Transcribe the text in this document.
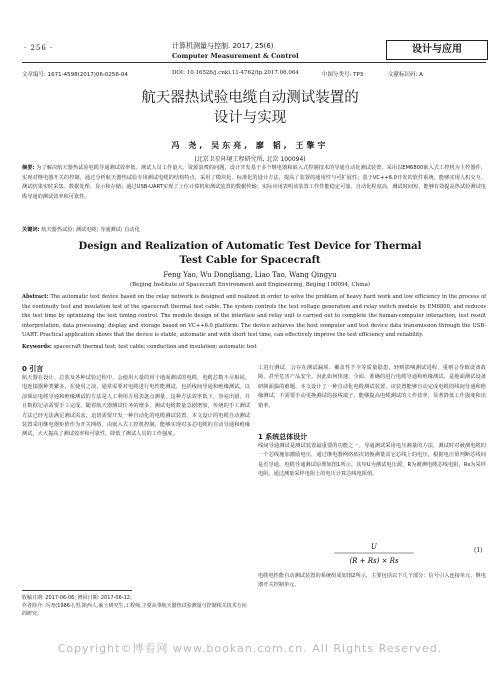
· 256 ·	计算机测量与控制. 2017, 25(6)
Computer Measurement & Control
设计与应用
文章编号: 1671-4598(2017)06-0256-04	DOI: 10.16526/j.cnki.11-4762/tp.2017.06.064	中图分类号: TP3	文献标识码: A
航天器热试验电缆自动测试装置的
设计与实现
冯 尧, 吴东亮, 廖 韬, 王擎宇
(北京卫星环境工程研究所, 北京 100094)
摘要: 为了解决航天器热试验电缆导通测试效率低、测试人员工作量大、资源浪费的问题，设计开发基于多个继电器和嵌入式控制技术的导通自动化测试装置，采用以EM6800嵌入式工控机为主控器件，实现对继电器开关的控制，通过分析航天器热试验专用测试电缆的结构特点，采用了模块化、标准化的设计方法，提高了装置的通用性与可扩展性；基于VC++6.0开发的软件系统，能够实现人机交互、测试结果实时采集、数据处理、显示和存储；通过USB-UART实现了上位计算机和测试装置的数据传输；实际应用表明该装置工作性能稳定可靠，自动化程度高，测试时间短，能够有效提高热试验测试电缆导通的测试效率和可靠性。
关键词: 航天器热试验; 测试电缆; 导通测试; 自动化
Design and Realization of Automatic Test Device for Thermal
Test Cable for Spacecraft
Feng Yao, Wu Dongliang, Liao Tao, Wang Qingyu
(Beijing Institute of Spacecraft Environment and Engineering, Beijing 100094, China)
Abstract: The automatic test device based on the relay network is designed and realized in order to solve the problem of heavy hard work and low efficiency in the process of the continuity test and insulation test of the spacecraft thermal test cable. The system controls the test voltage generation and relay switch module by EM6800, and reduces the test time by optimizing the test timing control. The module design of the interface and relay unit is carried out to complete the human-computer interaction, test result interpretation, data processing, display and storage based on VC++6.0 platform. The device achieves the host computer and test device data transmission through the USB-UART. Practical application shows that the device is stable, automatic and with short test time, can effectively improve the test efficiency and reliability.
Keywords: spacecraft thermal test; test cable; conduction and insulation; automatic test
0 引言
航天器在设计、总装及各种试验过程中，会使用大量的用于地面测试的电缆，电缆芯数不尽相同，电连接器种类繁多，在使用之前，通常需要对电缆进行电性能测试，包括线间导通和绝缘测试。以前保证电缆导通和绝缘测试的方法是人工利用万用表逐点测量，这种方法效率低下，容易出错，并且数据记录需要手工完成。随着航天器测试任务的增多，测试电缆数量急剧增加，传统的手工测试方法已经无法满足测试需求，迫切需要开发一种自动化的电缆测试装置。本文设计的电缆自动测试装置采用继电器矩阵作为开关网络，由嵌入式工控机控制，能够实现对多芯电缆的自动导通和绝缘测试，大大提高了测试效率和可靠性，降低了测试人员的工作强度。
工进行测试，会存在测试漏项、覆盖性不全等质量隐患，轻则影响测试进程，重则会导致设备故障，甚至危害产品安全。因此如何快速、全面、准确的进行电缆导通和绝缘测试，是地面测试设备研制面临的难题。本文设计了一种自动化电缆测试装置，该装置能够自动完成电缆的线间导通和绝缘测试，不需要手动更换测试的接线端子，能够提高电缆测试的工作效率，显著降低工作强度和出错率。
1 系统总体设计
线间导通测试是测试装置最重要的功能之一。导通测试采用电压测量的方法，测试时对被测电缆的一个芯线施加激励电压，通过继电器网络依次切换测量其它芯线上的电压，根据电压值判断芯线间是否导通。电缆导通测试原理如图1所示，其中U为测试电压源，R为被测电缆芯线电阻，Rs为采样电阻，通过测量采样电阻上的电压计算芯线电阻值。
U
(R + Rs) × Rs
(1)
电缆电性能自动测试装置的系统组成如图2所示，主要包括以下几个部分：信号引入连接单元、继电器开关控制单元、
收稿日期: 2017-06-06; 修回日期: 2017-06-12。
作者简介: 冯尧(1986-),男,陕西人,硕士研究生,工程师,主要从事航天器热试验测量与控制相关技术方向的研究。
Copyright©博看网 www.bookan.com.cn. All Rights Reserved.
